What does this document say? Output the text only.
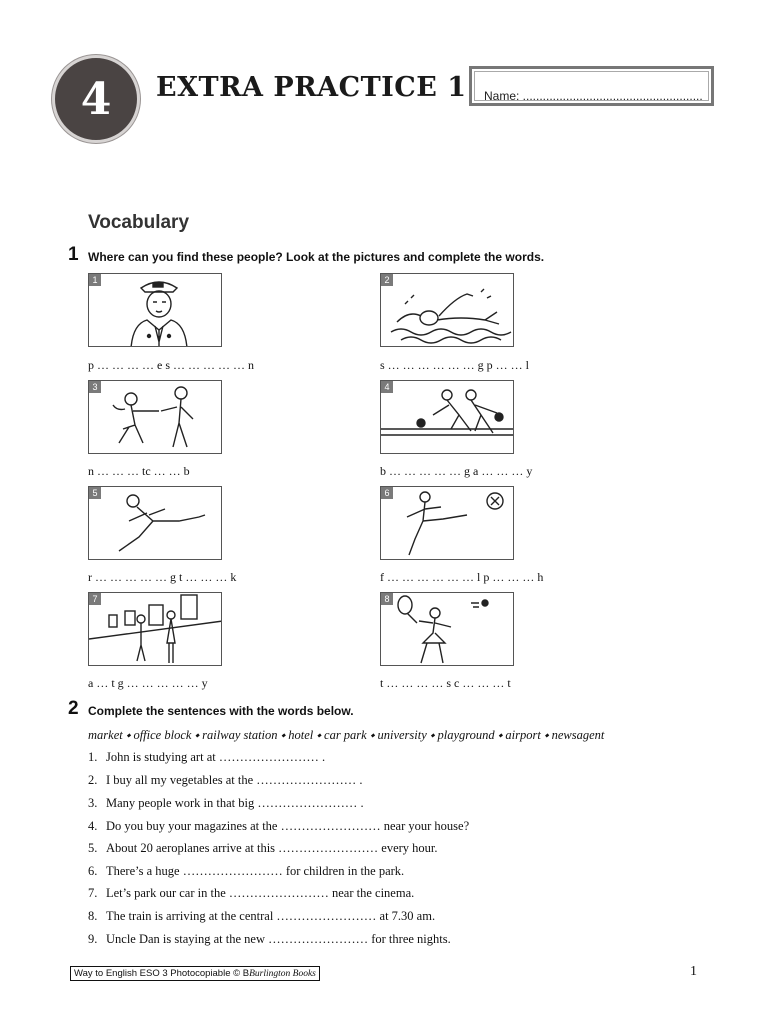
4 EXTRA PRACTICE 1 Name: ......................................................
Vocabulary
1 Where can you find these people? Look at the pictures and complete the words.
1	2
p … … … … e s … … … … … n	s … … … … … … g p … … l
3	4
n … … … tc … … b	b … … … … … g a … … … y
5	6
r … … … … … g t … … … k	f … … … … … … l p … … … h
7	8
a … t g … … … … … y	t … … … … s c … … … t
2 Complete the sentences with the words below.
market ⬩ office block ⬩ railway station ⬩ hotel ⬩ car park ⬩ university ⬩ playground ⬩ airport ⬩ newsagent
1. John is studying art at …………………… .
2. I buy all my vegetables at the …………………… .
3. Many people work in that big …………………… .
4. Do you buy your magazines at the …………………… near your house?
5. About 20 aeroplanes arrive at this …………………… every hour.
6. There’s a huge …………………… for children in the park.
7. Let’s park our car in the …………………… near the cinema.
8. The train is arriving at the central …………………… at 7.30 am.
9. Uncle Dan is staying at the new …………………… for three nights.
Way to English ESO 3 Photocopiable © BBurlington Books	1
